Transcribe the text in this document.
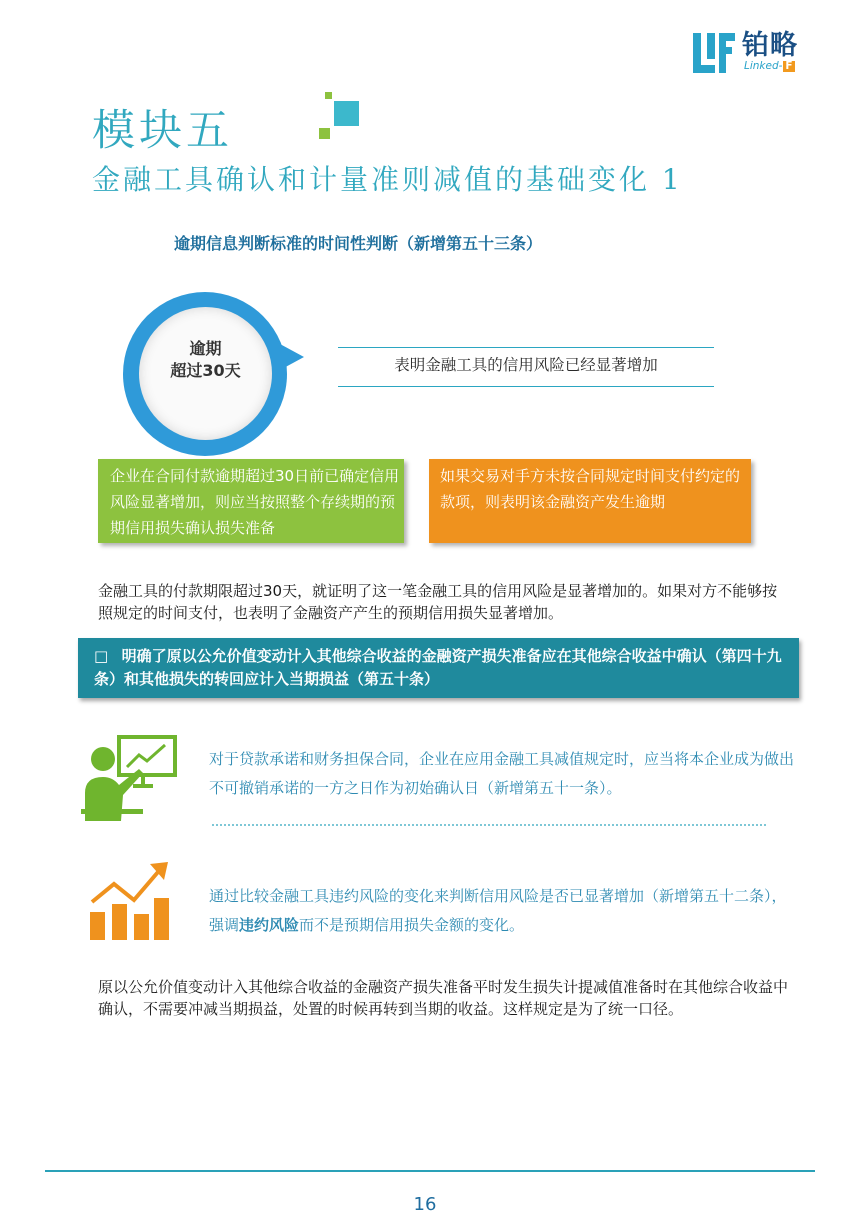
铂略
Linked- F
模块五
金融工具确认和计量准则减值的基础变化 1
逾期信息判断标准的时间性判断（新增第五十三条）
逾期
超过30天	表明金融工具的信用风险已经显著增加
企业在合同付款逾期超过30日前已确定信用风险显著增加，则应当按照整个存续期的预期信用损失确认损失准备
如果交易对手方未按合同规定时间支付约定的款项，则表明该金融资产发生逾期
金融工具的付款期限超过30天，就证明了这一笔金融工具的信用风险是显著增加的。如果对方不能够按照规定的时间支付，也表明了金融资产产生的预期信用损失显著增加。
□ 明确了原以公允价值变动计入其他综合收益的金融资产损失准备应在其他综合收益中确认（第四十九条）和其他损失的转回应计入当期损益（第五十条）
对于贷款承诺和财务担保合同，企业在应用金融工具减值规定时，应当将本企业成为做出不可撤销承诺的一方之日作为初始确认日（新增第五十一条）。
通过比较金融工具违约风险的变化来判断信用风险是否已显著增加（新增第五十二条），强调违约风险而不是预期信用损失金额的变化。
原以公允价值变动计入其他综合收益的金融资产损失准备平时发生损失计提减值准备时在其他综合收益中确认，不需要冲减当期损益，处置的时候再转到当期的收益。这样规定是为了统一口径。
16
